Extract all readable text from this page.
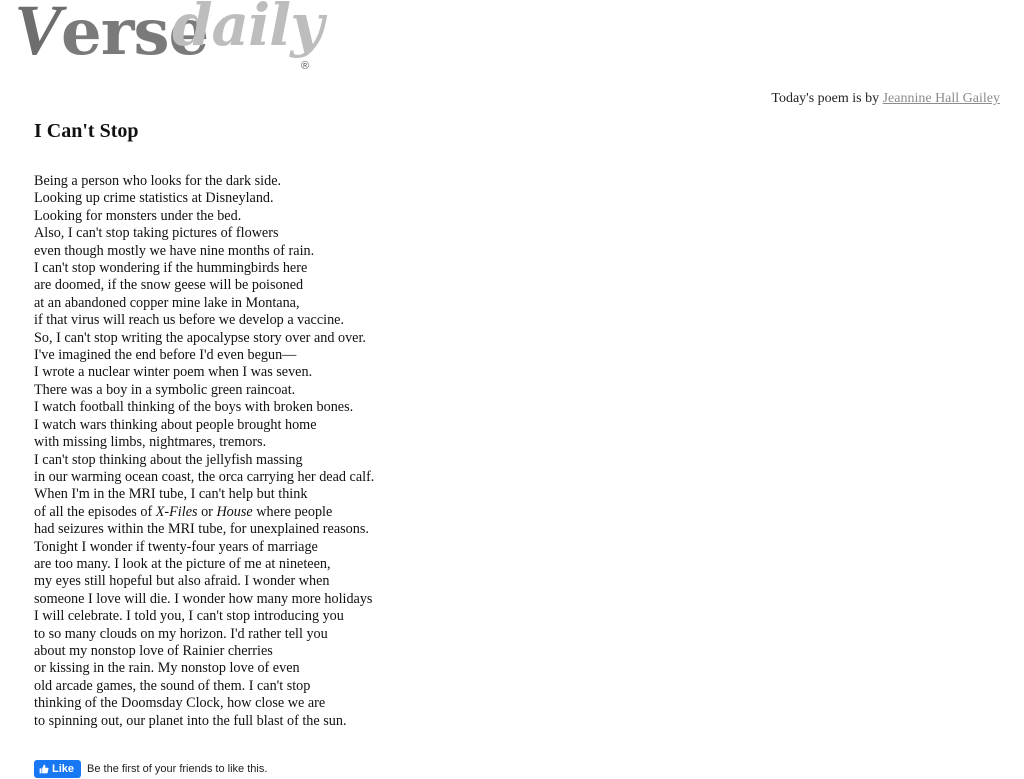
Verse
daily
®
Today's poem is by Jeannine Hall Gailey
I Can't Stop
Being a person who looks for the dark side.
Looking up crime statistics at Disneyland.
Looking for monsters under the bed.
Also, I can't stop taking pictures of flowers
even though mostly we have nine months of rain.
I can't stop wondering if the hummingbirds here
are doomed, if the snow geese will be poisoned
at an abandoned copper mine lake in Montana,
if that virus will reach us before we develop a vaccine.
So, I can't stop writing the apocalypse story over and over.
I've imagined the end before I'd even begun—
I wrote a nuclear winter poem when I was seven.
There was a boy in a symbolic green raincoat.
I watch football thinking of the boys with broken bones.
I watch wars thinking about people brought home
with missing limbs, nightmares, tremors.
I can't stop thinking about the jellyfish massing
in our warming ocean coast, the orca carrying her dead calf.
When I'm in the MRI tube, I can't help but think
of all the episodes of X-Files or House where people
had seizures within the MRI tube, for unexplained reasons.
Tonight I wonder if twenty-four years of marriage
are too many. I look at the picture of me at nineteen,
my eyes still hopeful but also afraid. I wonder when
someone I love will die. I wonder how many more holidays
I will celebrate. I told you, I can't stop introducing you
to so many clouds on my horizon. I'd rather tell you
about my nonstop love of Rainier cherries
or kissing in the rain. My nonstop love of even
old arcade games, the sound of them. I can't stop
thinking of the Doomsday Clock, how close we are
to spinning out, our planet into the full blast of the sun.
Like Be the first of your friends to like this.
